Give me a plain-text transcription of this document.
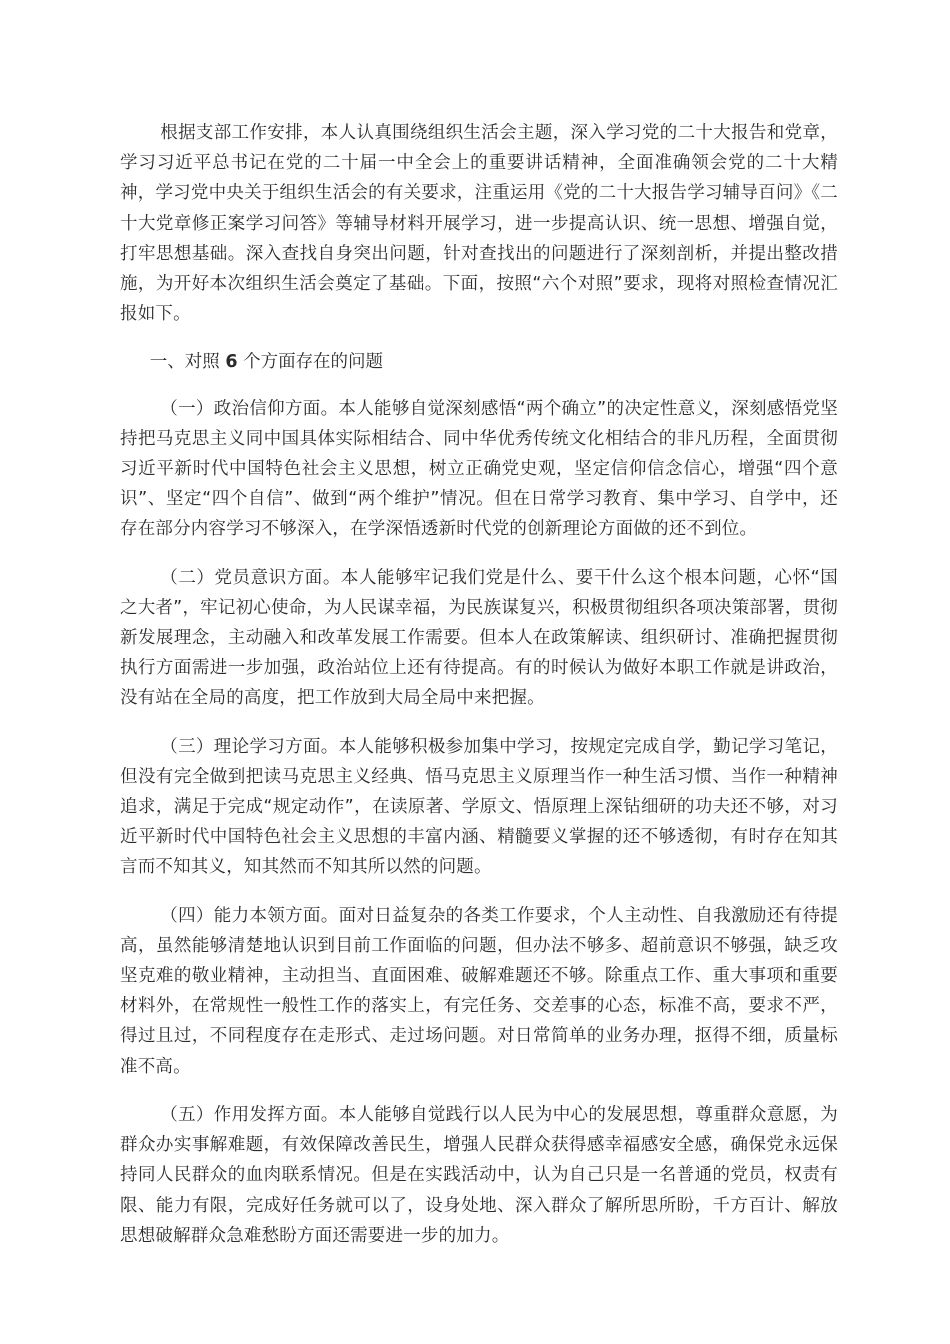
根据支部工作安排，本人认真围绕组织生活会主题，深入学习党的二十大报告和党章，学习习近平总书记在党的二十届一中全会上的重要讲话精神，全面准确领会党的二十大精神，学习党中央关于组织生活会的有关要求，注重运用《党的二十大报告学习辅导百问》《二十大党章修正案学习问答》等辅导材料开展学习，进一步提高认识、统一思想、增强自觉，打牢思想基础。深入查找自身突出问题，针对查找出的问题进行了深刻剖析，并提出整改措施，为开好本次组织生活会奠定了基础。下面，按照“六个对照”要求，现将对照检查情况汇报如下。

一、对照 6 个方面存在的问题

（一）政治信仰方面。本人能够自觉深刻感悟“两个确立”的决定性意义，深刻感悟党坚持把马克思主义同中国具体实际相结合、同中华优秀传统文化相结合的非凡历程，全面贯彻习近平新时代中国特色社会主义思想，树立正确党史观，坚定信仰信念信心，增强“四个意识”、坚定“四个自信”、做到“两个维护”情况。但在日常学习教育、集中学习、自学中，还存在部分内容学习不够深入，在学深悟透新时代党的创新理论方面做的还不到位。

（二）党员意识方面。本人能够牢记我们党是什么、要干什么这个根本问题，心怀“国之大者”，牢记初心使命，为人民谋幸福，为民族谋复兴，积极贯彻组织各项决策部署，贯彻新发展理念，主动融入和改革发展工作需要。但本人在政策解读、组织研讨、准确把握贯彻执行方面需进一步加强，政治站位上还有待提高。有的时候认为做好本职工作就是讲政治，没有站在全局的高度，把工作放到大局全局中来把握。

（三）理论学习方面。本人能够积极参加集中学习，按规定完成自学，勤记学习笔记，但没有完全做到把读马克思主义经典、悟马克思主义原理当作一种生活习惯、当作一种精神追求，满足于完成“规定动作”，在读原著、学原文、悟原理上深钻细研的功夫还不够，对习近平新时代中国特色社会主义思想的丰富内涵、精髓要义掌握的还不够透彻，有时存在知其言而不知其义，知其然而不知其所以然的问题。

（四）能力本领方面。面对日益复杂的各类工作要求，个人主动性、自我激励还有待提高，虽然能够清楚地认识到目前工作面临的问题，但办法不够多、超前意识不够强，缺乏攻坚克难的敬业精神，主动担当、直面困难、破解难题还不够。除重点工作、重大事项和重要材料外，在常规性一般性工作的落实上，有完任务、交差事的心态，标准不高，要求不严，得过且过，不同程度存在走形式、走过场问题。对日常简单的业务办理，抠得不细，质量标准不高。

（五）作用发挥方面。本人能够自觉践行以人民为中心的发展思想，尊重群众意愿，为群众办实事解难题，有效保障改善民生，增强人民群众获得感幸福感安全感，确保党永远保持同人民群众的血肉联系情况。但是在实践活动中，认为自己只是一名普通的党员，权责有限、能力有限，完成好任务就可以了，设身处地、深入群众了解所思所盼，千方百计、解放思想破解群众急难愁盼方面还需要进一步的加力。
